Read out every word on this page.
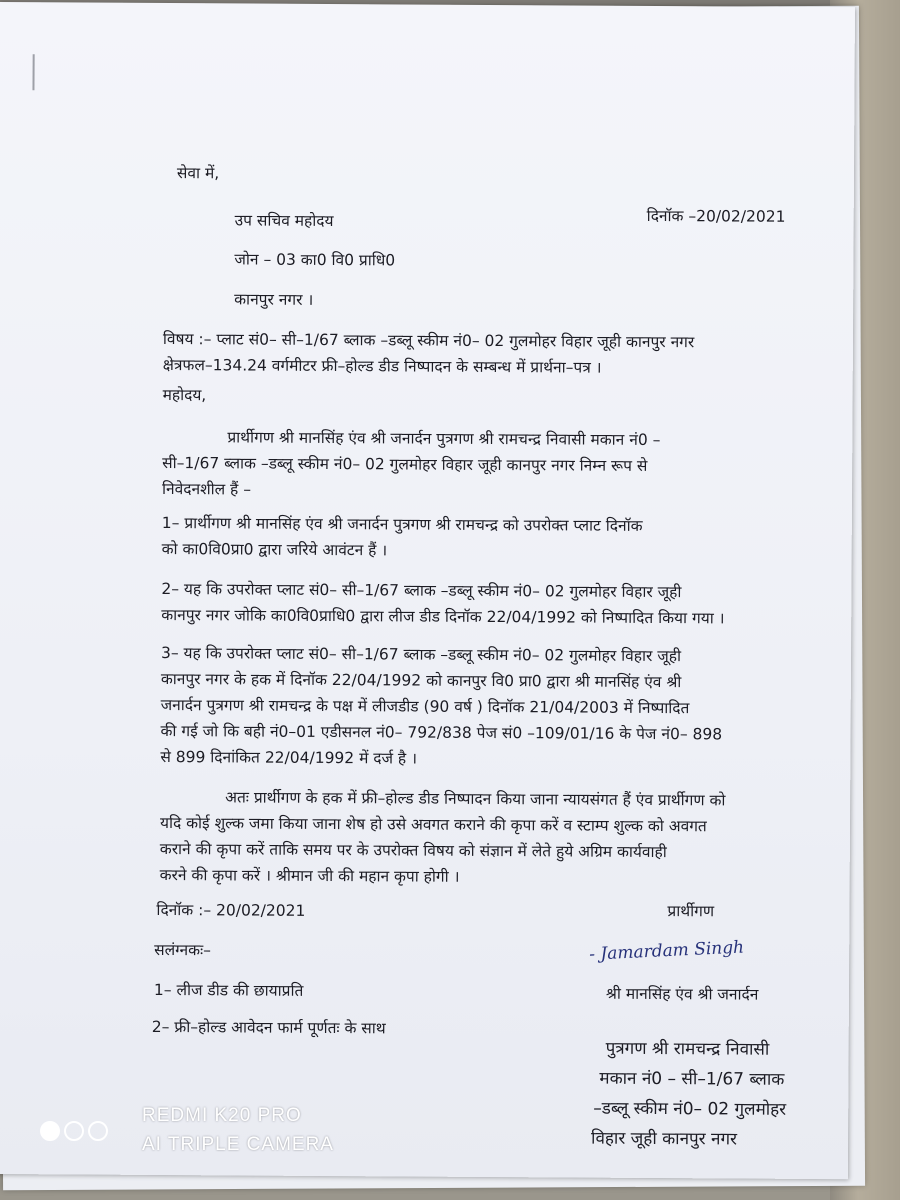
सेवा में,
दिनॉक –20/02/2021
उप सचिव महोदय
जोन – 03 का0 वि0 प्राधि0
कानपुर नगर ।
विषय :– प्लाट सं0– सी–1/67 ब्लाक –डब्लू स्कीम नं0– 02 गुलमोहर विहार जूही कानपुर नगर
क्षेत्रफल–134.24 वर्गमीटर फ्री–होल्ड डीड निष्पादन के सम्बन्ध में प्रार्थना–पत्र ।
महोदय,
प्रार्थीगण श्री मानसिंह एंव श्री जनार्दन पुत्रगण श्री रामचन्द्र निवासी मकान नं0 –
सी–1/67 ब्लाक –डब्लू स्कीम नं0– 02 गुलमोहर विहार जूही कानपुर नगर निम्न रूप से
निवेदनशील हैं –
1– प्रार्थीगण श्री मानसिंह एंव श्री जनार्दन पुत्रगण श्री रामचन्द्र को उपरोक्त प्लाट दिनॉक
को का0वि0प्रा0 द्वारा जरिये आवंटन हैं ।
2– यह कि उपरोक्त प्लाट सं0– सी–1/67 ब्लाक –डब्लू स्कीम नं0– 02 गुलमोहर विहार जूही
कानपुर नगर जोकि का0वि0प्राधि0 द्वारा लीज डीड दिनॉक 22/04/1992 को निष्पादित किया गया ।
3– यह कि उपरोक्त प्लाट सं0– सी–1/67 ब्लाक –डब्लू स्कीम नं0– 02 गुलमोहर विहार जूही
कानपुर नगर के हक में दिनॉक 22/04/1992 को कानपुर वि0 प्रा0 द्वारा श्री मानसिंह एंव श्री
जनार्दन पुत्रगण श्री रामचन्द्र के पक्ष में लीजडीड (90 वर्ष ) दिनॉक 21/04/2003 में निष्पादित
की गई जो कि बही नं0–01 एडीसनल नं0– 792/838 पेज सं0 –109/01/16 के पेज नं0– 898
से 899 दिनांकित 22/04/1992 में दर्ज है ।
अतः प्रार्थीगण के हक में फ्री–होल्ड डीड निष्पादन किया जाना न्यायसंगत हैं एंव प्रार्थीगण को
यदि कोई शुल्क जमा किया जाना शेष हो उसे अवगत कराने की कृपा करें व स्टाम्प शुल्क को अवगत
कराने की कृपा करें ताकि समय पर के उपरोक्त विषय को संज्ञान में लेते हुये अग्रिम कार्यवाही
करने की कृपा करें । श्रीमान जी की महान कृपा होगी ।
दिनॉक :– 20/02/2021	प्रार्थीगण
सलंग्नकः–	- Jamardam Singh
1– लीज डीड की छायाप्रति	श्री मानसिंह एंव श्री जनार्दन
2– फ्री–होल्ड आवेदन फार्म पूर्णतः के साथ
पुत्रगण श्री रामचन्द्र निवासी
मकान नं0 – सी–1/67 ब्लाक
–डब्लू स्कीम नं0– 02 गुलमोहर
विहार जूही कानपुर नगर
REDMI K20 PRO
AI TRIPLE CAMERA
